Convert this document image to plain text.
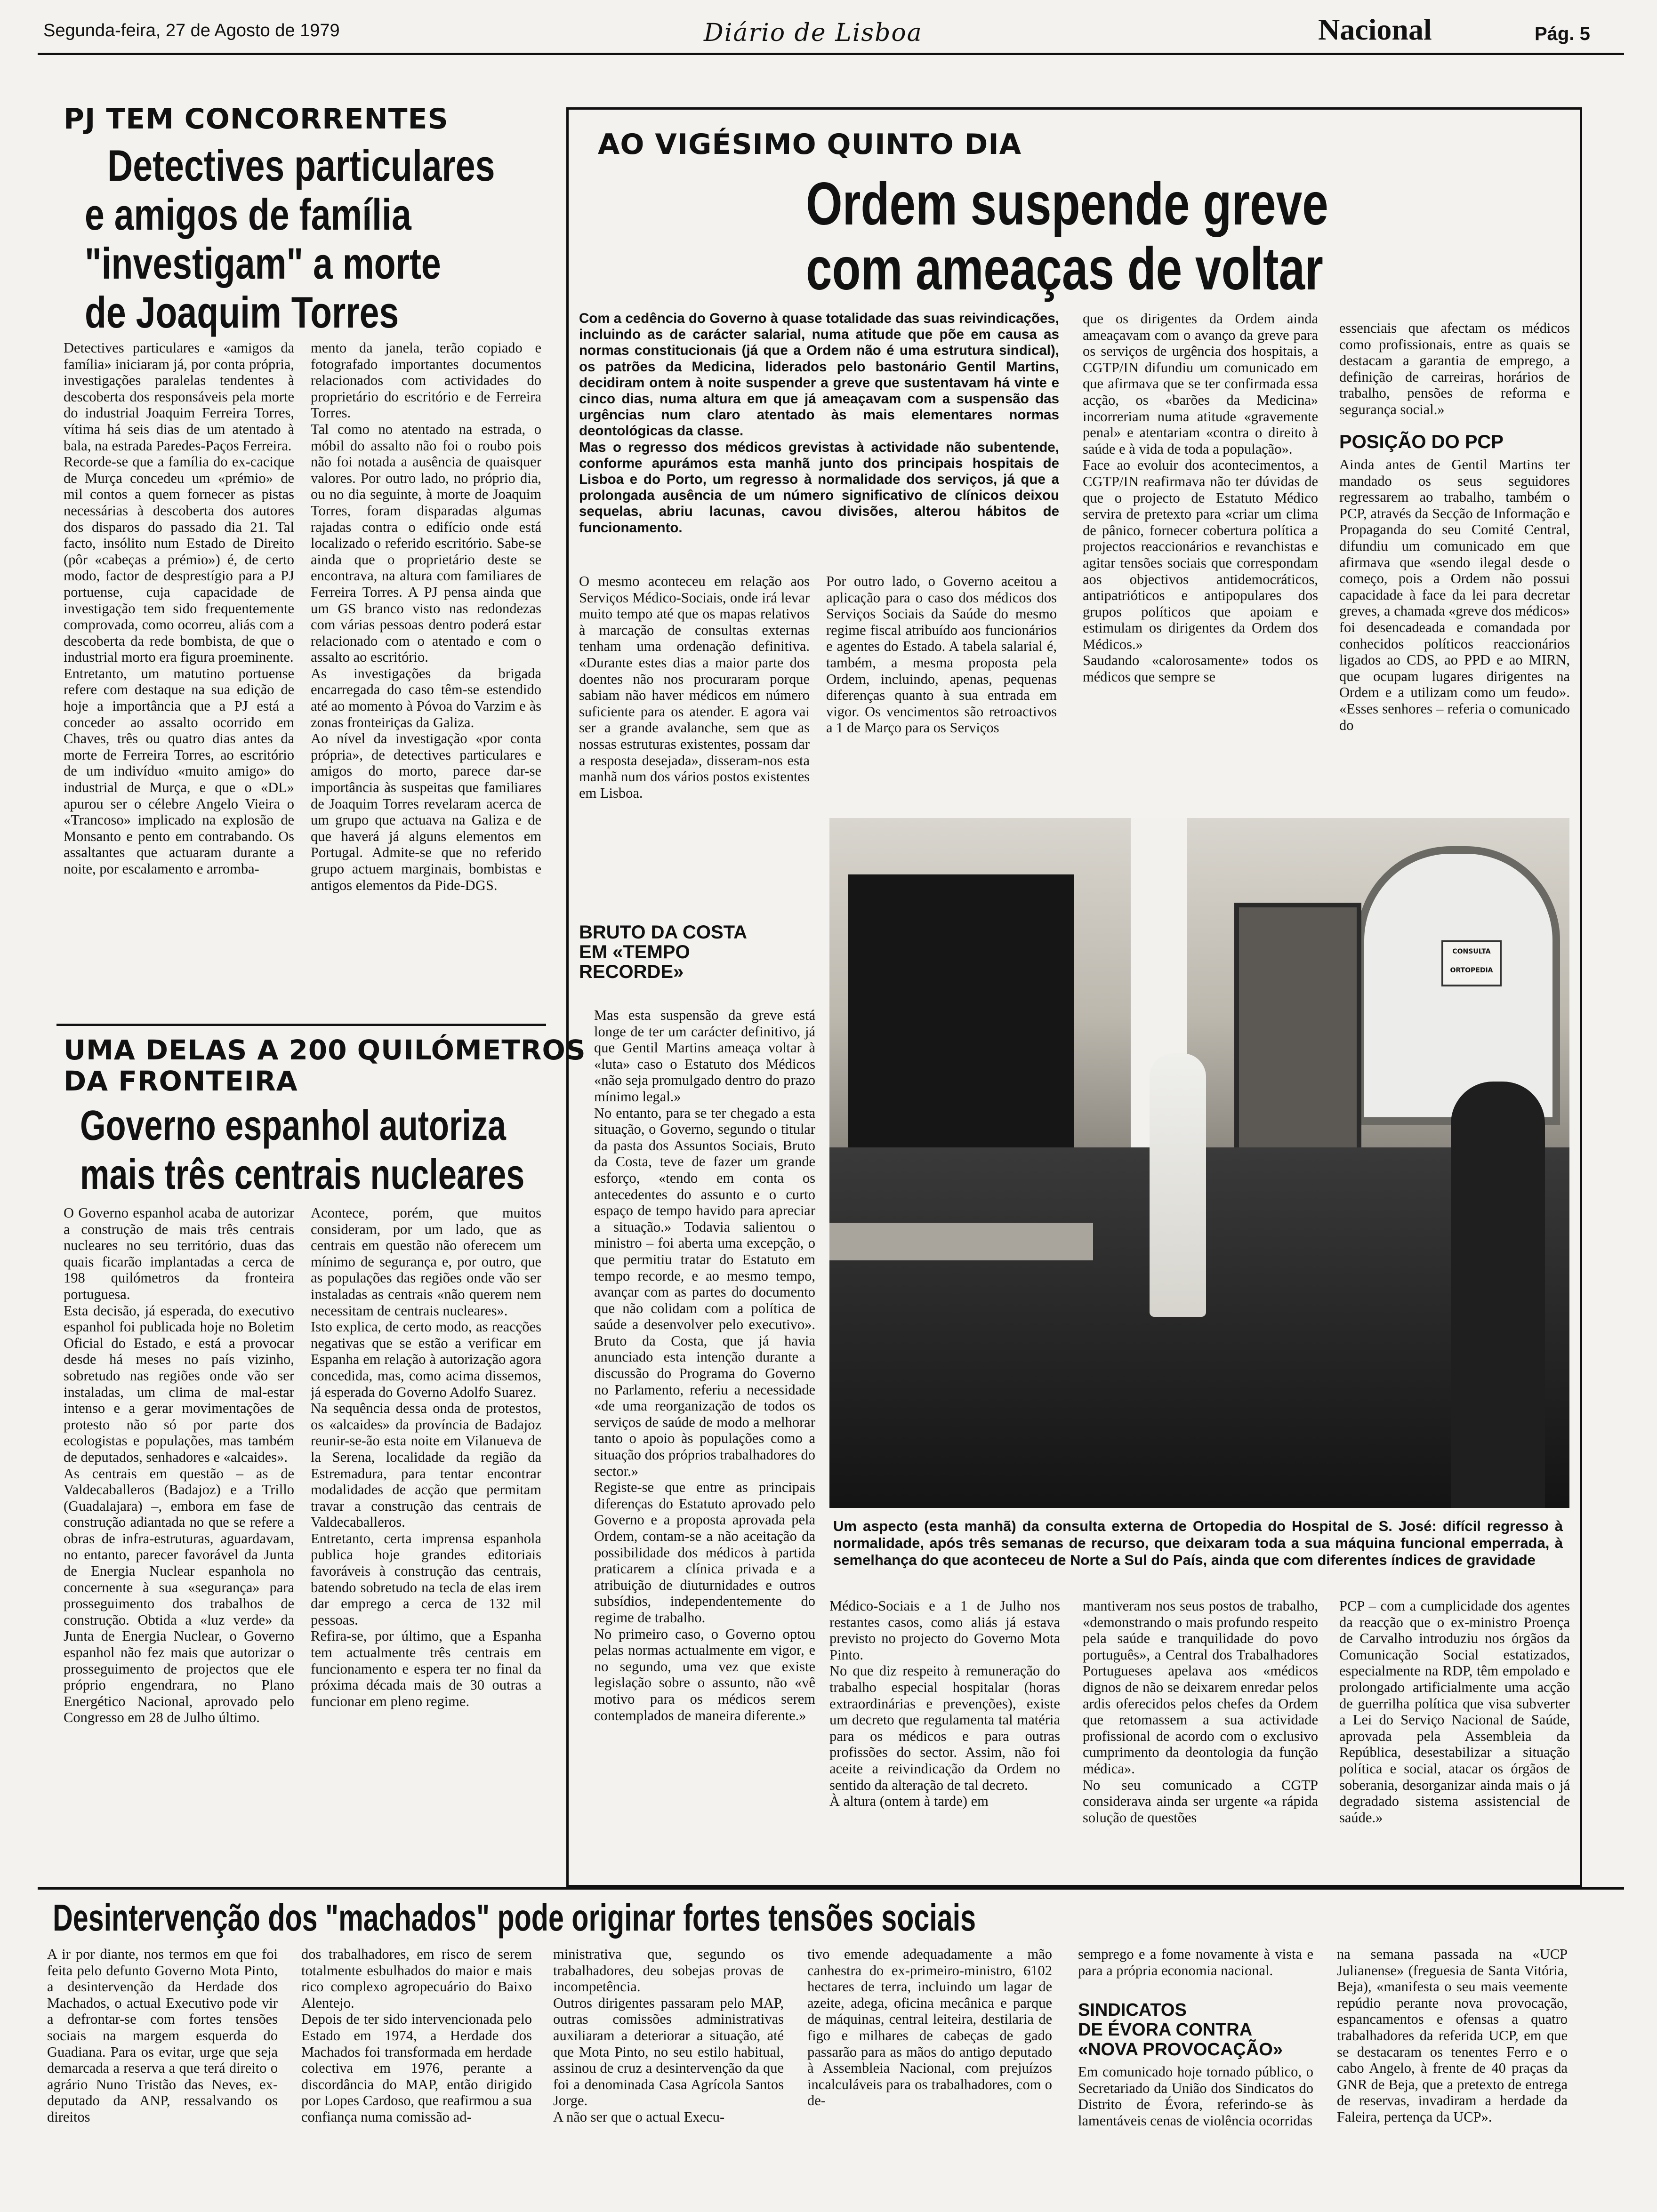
Segunda-feira, 27 de Agosto de 1979	Diário de Lisboa	Nacional	Pág. 5
PJ TEM CONCORRENTES
Detectives particulares
e amigos de família
"investigam" a morte
de Joaquim Torres
Detectives particulares e «amigos da família» iniciaram já, por conta própria, investigações paralelas tendentes à descoberta dos responsáveis pela morte do industrial Joaquim Ferreira Torres, vítima há seis dias de um atentado à bala, na estrada Paredes-Paços Ferreira.
Recorde-se que a família do ex-cacique de Murça concedeu um «prémio» de mil contos a quem fornecer as pistas necessárias à descoberta dos autores dos disparos do passado dia 21. Tal facto, insólito num Estado de Direito (pôr «cabeças a prémio») é, de certo modo, factor de desprestígio para a PJ portuense, cuja capacidade de investigação tem sido frequentemente comprovada, como ocorreu, aliás com a descoberta da rede bombista, de que o industrial morto era figura proeminente.
Entretanto, um matutino portuense refere com destaque na sua edição de hoje a importância que a PJ está a conceder ao assalto ocorrido em Chaves, três ou quatro dias antes da morte de Ferreira Torres, ao escritório de um indivíduo «muito amigo» do industrial de Murça, e que o «DL» apurou ser o célebre Angelo Vieira o «Trancoso» implicado na explosão de Monsanto e pento em contrabando. Os assaltantes que actuaram durante a noite, por escalamento e arromba-
mento da janela, terão copiado e fotografado importantes documentos relacionados com actividades do proprietário do escritório e de Ferreira Torres.
Tal como no atentado na estrada, o móbil do assalto não foi o roubo pois não foi notada a ausência de quaisquer valores. Por outro lado, no próprio dia, ou no dia seguinte, à morte de Joaquim Torres, foram disparadas algumas rajadas contra o edifício onde está localizado o referido escritório. Sabe-se ainda que o proprietário deste se encontrava, na altura com familiares de Ferreira Torres. A PJ pensa ainda que um GS branco visto nas redondezas com várias pessoas dentro poderá estar relacionado com o atentado e com o assalto ao escritório.
As investigações da brigada encarregada do caso têm-se estendido até ao momento à Póvoa do Varzim e às zonas fronteiriças da Galiza.
Ao nível da investigação «por conta própria», de detectives particulares e amigos do morto, parece dar-se importância às suspeitas que familiares de Joaquim Torres revelaram acerca de um grupo que actuava na Galiza e de que haverá já alguns elementos em Portugal. Admite-se que no referido grupo actuem marginais, bombistas e antigos elementos da Pide-DGS.
UMA DELAS A 200 QUILÓMETROS
DA FRONTEIRA
Governo espanhol autoriza
mais três centrais nucleares
O Governo espanhol acaba de autorizar a construção de mais três centrais nucleares no seu território, duas das quais ficarão implantadas a cerca de 198 quilómetros da fronteira portuguesa.
Esta decisão, já esperada, do executivo espanhol foi publicada hoje no Boletim Oficial do Estado, e está a provocar desde há meses no país vizinho, sobretudo nas regiões onde vão ser instaladas, um clima de mal-estar intenso e a gerar movimentações de protesto não só por parte dos ecologistas e populações, mas também de deputados, senhadores e «alcaides».
As centrais em questão – as de Valdecaballeros (Badajoz) e a Trillo (Guadalajara) –, embora em fase de construção adiantada no que se refere a obras de infra-estruturas, aguardavam, no entanto, parecer favorável da Junta de Energia Nuclear espanhola no concernente à sua «segurança» para prosseguimento dos trabalhos de construção. Obtida a «luz verde» da Junta de Energia Nuclear, o Governo espanhol não fez mais que autorizar o prosseguimento de projectos que ele próprio engendrara, no Plano Energético Nacional, aprovado pelo Congresso em 28 de Julho último.
Acontece, porém, que muitos consideram, por um lado, que as centrais em questão não oferecem um mínimo de segurança e, por outro, que as populações das regiões onde vão ser instaladas as centrais «não querem nem necessitam de centrais nucleares».
Isto explica, de certo modo, as reacções negativas que se estão a verificar em Espanha em relação à autorização agora concedida, mas, como acima dissemos, já esperada do Governo Adolfo Suarez.
Na sequência dessa onda de protestos, os «alcaides» da província de Badajoz reunir-se-ão esta noite em Vilanueva de la Serena, localidade da região da Estremadura, para tentar encontrar modalidades de acção que permitam travar a construção das centrais de Valdecaballeros.
Entretanto, certa imprensa espanhola publica hoje grandes editoriais favoráveis à construção das centrais, batendo sobretudo na tecla de elas irem dar emprego a cerca de 132 mil pessoas.
Refira-se, por último, que a Espanha tem actualmente três centrais em funcionamento e espera ter no final da próxima década mais de 30 outras a funcionar em pleno regime.
AO VIGÉSIMO QUINTO DIA
Ordem suspende greve
com ameaças de voltar
Com a cedência do Governo à quase totalidade das suas reivindicações, incluindo as de carácter salarial, numa atitude que põe em causa as normas constitucionais (já que a Ordem não é uma estrutura sindical), os patrões da Medicina, liderados pelo bastonário Gentil Martins, decidiram ontem à noite suspender a greve que sustentavam há vinte e cinco dias, numa altura em que já ameaçavam com a suspensão das urgências num claro atentado às mais elementares normas deontológicas da classe.
Mas o regresso dos médicos grevistas à actividade não subentende, conforme apurámos esta manhã junto dos principais hospitais de Lisboa e do Porto, um regresso à normalidade dos serviços, já que a prolongada ausência de um número significativo de clínicos deixou sequelas, abriu lacunas, cavou divisões, alterou hábitos de funcionamento.
O mesmo aconteceu em relação aos Serviços Médico-Sociais, onde irá levar muito tempo até que os mapas relativos à marcação de consultas externas tenham uma ordenação definitiva. «Durante estes dias a maior parte dos doentes não nos procuraram porque sabiam não haver médicos em número suficiente para os atender. E agora vai ser a grande avalanche, sem que as nossas estruturas existentes, possam dar a resposta desejada», disseram-nos esta manhã num dos vários postos existentes em Lisboa.
Por outro lado, o Governo aceitou a aplicação para o caso dos médicos dos Serviços Sociais da Saúde do mesmo regime fiscal atribuído aos funcionários e agentes do Estado. A tabela salarial é, também, a mesma proposta pela Ordem, incluindo, apenas, pequenas diferenças quanto à sua entrada em vigor. Os vencimentos são retroactivos a 1 de Março para os Serviços
que os dirigentes da Ordem ainda ameaçavam com o avanço da greve para os serviços de urgência dos hospitais, a CGTP/IN difundiu um comunicado em que afirmava que se ter confirmada essa acção, os «barões da Medicina» incorreriam numa atitude «gravemente penal» e atentariam «contra o direito à saúde e à vida de toda a população».
Face ao evoluir dos acontecimentos, a CGTP/IN reafirmava não ter dúvidas de que o projecto de Estatuto Médico servira de pretexto para «criar um clima de pânico, fornecer cobertura política a projectos reaccionários e revanchistas e agitar tensões sociais que correspondam aos objectivos antidemocráticos, antipatrióticos e antipopulares dos grupos políticos que apoiam e estimulam os dirigentes da Ordem dos Médicos.»
Saudando «calorosamente» todos os médicos que sempre se
essenciais que afectam os médicos como profissionais, entre as quais se destacam a garantia de emprego, a definição de carreiras, horários de trabalho, pensões de reforma e segurança social.»
POSIÇÃO DO PCP
Ainda antes de Gentil Martins ter mandado os seus seguidores regressarem ao trabalho, também o PCP, através da Secção de Informação e Propaganda do seu Comité Central, difundiu um comunicado em que afirmava que «sendo ilegal desde o começo, pois a Ordem não possui capacidade à face da lei para decretar greves, a chamada «greve dos médicos» foi desencadeada e comandada por conhecidos políticos reaccionários ligados ao CDS, ao PPD e ao MIRN, que ocupam lugares dirigentes na Ordem e a utilizam como um feudo». «Esses senhores – referia o comunicado do
BRUTO DA COSTA
EM «TEMPO
RECORDE»
Mas esta suspensão da greve está longe de ter um carácter definitivo, já que Gentil Martins ameaça voltar à «luta» caso o Estatuto dos Médicos «não seja promulgado dentro do prazo mínimo legal.»
No entanto, para se ter chegado a esta situação, o Governo, segundo o titular da pasta dos Assuntos Sociais, Bruto da Costa, teve de fazer um grande esforço, «tendo em conta os antecedentes do assunto e o curto espaço de tempo havido para apreciar a situação.» Todavia salientou o ministro – foi aberta uma excepção, o que permitiu tratar do Estatuto em tempo recorde, e ao mesmo tempo, avançar com as partes do documento que não colidam com a política de saúde a desenvolver pelo executivo». Bruto da Costa, que já havia anunciado esta intenção durante a discussão do Programa do Governo no Parlamento, referiu a necessidade «de uma reorganização de todos os serviços de saúde de modo a melhorar tanto o apoio às populações como a situação dos próprios trabalhadores do sector.»
Registe-se que entre as principais diferenças do Estatuto aprovado pelo Governo e a proposta aprovada pela Ordem, contam-se a não aceitação da possibilidade dos médicos à partida praticarem a clínica privada e a atribuição de diuturnidades e outros subsídios, independentemente do regime de trabalho.
No primeiro caso, o Governo optou pelas normas actualmente em vigor, e no segundo, uma vez que existe legislação sobre o assunto, não «vê motivo para os médicos serem contemplados de maneira diferente.»
CONSULTA
ORTOPEDIA
Um aspecto (esta manhã) da consulta externa de Ortopedia do Hospital de S. José: difícil regresso à normalidade, após três semanas de recurso, que deixaram toda a sua máquina funcional emperrada, à semelhança do que aconteceu de Norte a Sul do País, ainda que com diferentes índices de gravidade
Médico-Sociais e a 1 de Julho nos restantes casos, como aliás já estava previsto no projecto do Governo Mota Pinto.
No que diz respeito à remuneração do trabalho especial hospitalar (horas extraordinárias e prevenções), existe um decreto que regulamenta tal matéria para os médicos e para outras profissões do sector. Assim, não foi aceite a reivindicação da Ordem no sentido da alteração de tal decreto.
À altura (ontem à tarde) em
mantiveram nos seus postos de trabalho, «demonstrando o mais profundo respeito pela saúde e tranquilidade do povo português», a Central dos Trabalhadores Portugueses apelava aos «médicos dignos de não se deixarem enredar pelos ardis oferecidos pelos chefes da Ordem que retomassem a sua actividade profissional de acordo com o exclusivo cumprimento da deontologia da função médica».
No seu comunicado a CGTP considerava ainda ser urgente «a rápida solução de questões
PCP – com a cumplicidade dos agentes da reacção que o ex-ministro Proença de Carvalho introduziu nos órgãos da Comunicação Social estatizados, especialmente na RDP, têm empolado e prolongado artificialmente uma acção de guerrilha política que visa subverter a Lei do Serviço Nacional de Saúde, aprovada pela Assembleia da República, desestabilizar a situação política e social, atacar os órgãos de soberania, desorganizar ainda mais o já degradado sistema assistencial de saúde.»
Desintervenção dos "machados" pode originar fortes tensões sociais
A ir por diante, nos termos em que foi feita pelo defunto Governo Mota Pinto, a desintervenção da Herdade dos Machados, o actual Executivo pode vir a defrontar-se com fortes tensões sociais na margem esquerda do Guadiana. Para os evitar, urge que seja demarcada a reserva a que terá direito o agrário Nuno Tristão das Neves, ex-deputado da ANP, ressalvando os direitos
dos trabalhadores, em risco de serem totalmente esbulhados do maior e mais rico complexo agropecuário do Baixo Alentejo.
Depois de ter sido intervencionada pelo Estado em 1974, a Herdade dos Machados foi transformada em herdade colectiva em 1976, perante a discordância do MAP, então dirigido por Lopes Cardoso, que reafirmou a sua confiança numa comissão ad-
ministrativa que, segundo os trabalhadores, deu sobejas provas de incompetência.
Outros dirigentes passaram pelo MAP, outras comissões administrativas auxiliaram a deteriorar a situação, até que Mota Pinto, no seu estilo habitual, assinou de cruz a desintervenção da que foi a denominada Casa Agrícola Santos Jorge.
A não ser que o actual Execu-
tivo emende adequadamente a mão canhestra do ex-primeiro-ministro, 6102 hectares de terra, incluindo um lagar de azeite, adega, oficina mecânica e parque de máquinas, central leiteira, destilaria de figo e milhares de cabeças de gado passarão para as mãos do antigo deputado à Assembleia Nacional, com prejuízos incalculáveis para os trabalhadores, com o de-
semprego e a fome novamente à vista e para a própria economia nacional.
SINDICATOS
DE ÉVORA CONTRA
«NOVA PROVOCAÇÃO»
Em comunicado hoje tornado público, o Secretariado da União dos Sindicatos do Distrito de Évora, referindo-se às lamentáveis cenas de violência ocorridas
na semana passada na «UCP Julianense» (freguesia de Santa Vitória, Beja), «manifesta o seu mais veemente repúdio perante nova provocação, espancamentos e ofensas a quatro trabalhadores da referida UCP, em que se destacaram os tenentes Ferro e o cabo Angelo, à frente de 40 praças da GNR de Beja, que a pretexto de entrega de reservas, invadiram a herdade da Faleira, pertença da UCP».
